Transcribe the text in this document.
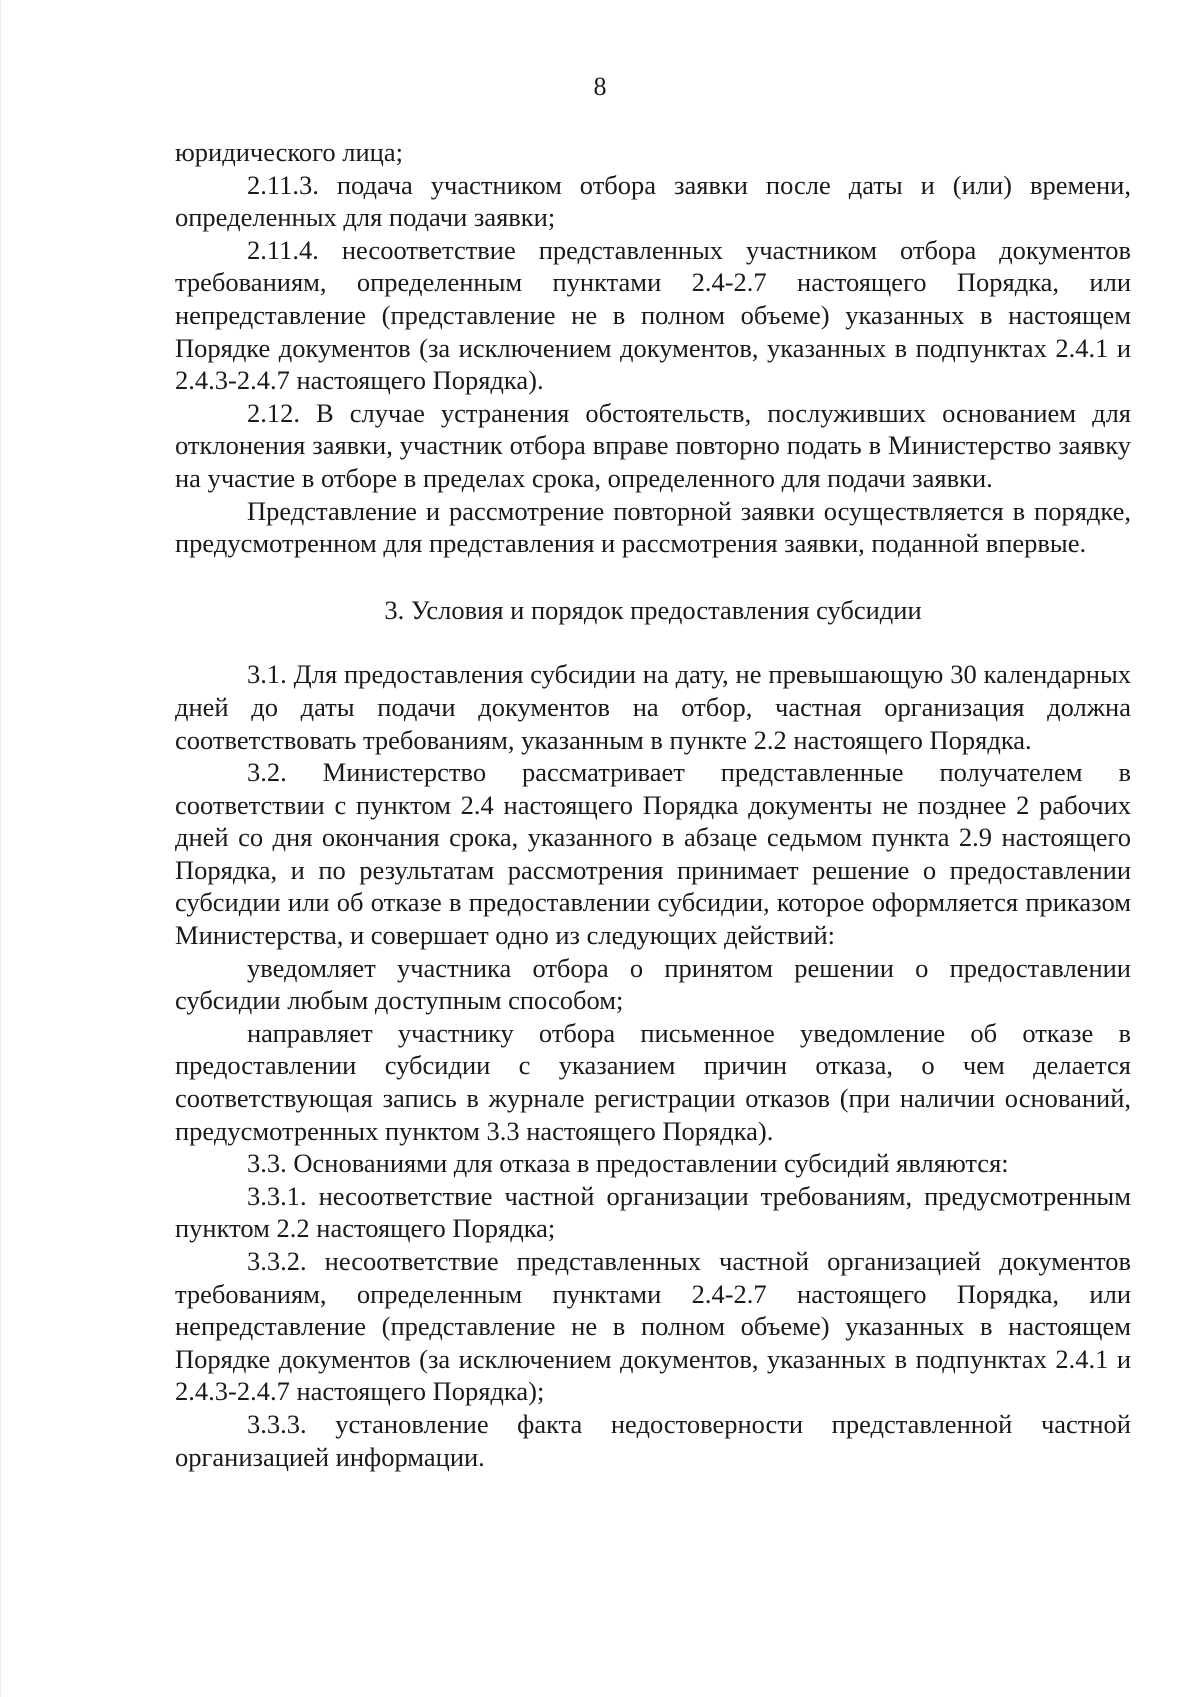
8

юридического лица;

2.11.3. подача участником отбора заявки после даты и (или) времени, определенных для подачи заявки;

2.11.4. несоответствие представленных участником отбора документов требованиям, определенным пунктами 2.4-2.7 настоящего Порядка, или непредставление (представление не в полном объеме) указанных в настоящем Порядке документов (за исключением документов, указанных в подпунктах 2.4.1 и 2.4.3-2.4.7 настоящего Порядка).

2.12. В случае устранения обстоятельств, послуживших основанием для отклонения заявки, участник отбора вправе повторно подать в Министерство заявку на участие в отборе в пределах срока, определенного для подачи заявки.

Представление и рассмотрение повторной заявки осуществляется в порядке, предусмотренном для представления и рассмотрения заявки, поданной впервые.

3. Условия и порядок предоставления субсидии

3.1. Для предоставления субсидии на дату, не превышающую 30 календарных дней до даты подачи документов на отбор, частная организация должна соответствовать требованиям, указанным в пункте 2.2 настоящего Порядка.

3.2. Министерство рассматривает представленные получателем в соответствии с пунктом 2.4 настоящего Порядка документы не позднее 2 рабочих дней со дня окончания срока, указанного в абзаце седьмом пункта 2.9 настоящего Порядка, и по результатам рассмотрения принимает решение о предоставлении субсидии или об отказе в предоставлении субсидии, которое оформляется приказом Министерства, и совершает одно из следующих действий:

уведомляет участника отбора о принятом решении о предоставлении субсидии любым доступным способом;

направляет участнику отбора письменное уведомление об отказе в предоставлении субсидии с указанием причин отказа, о чем делается соответствующая запись в журнале регистрации отказов (при наличии оснований, предусмотренных пунктом 3.3 настоящего Порядка).

3.3. Основаниями для отказа в предоставлении субсидий являются:

3.3.1. несоответствие частной организации требованиям, предусмотренным пунктом 2.2 настоящего Порядка;

3.3.2. несоответствие представленных частной организацией документов требованиям, определенным пунктами 2.4-2.7 настоящего Порядка, или непредставление (представление не в полном объеме) указанных в настоящем Порядке документов (за исключением документов, указанных в подпунктах 2.4.1 и 2.4.3-2.4.7 настоящего Порядка);

3.3.3. установление факта недостоверности представленной частной организацией информации.
